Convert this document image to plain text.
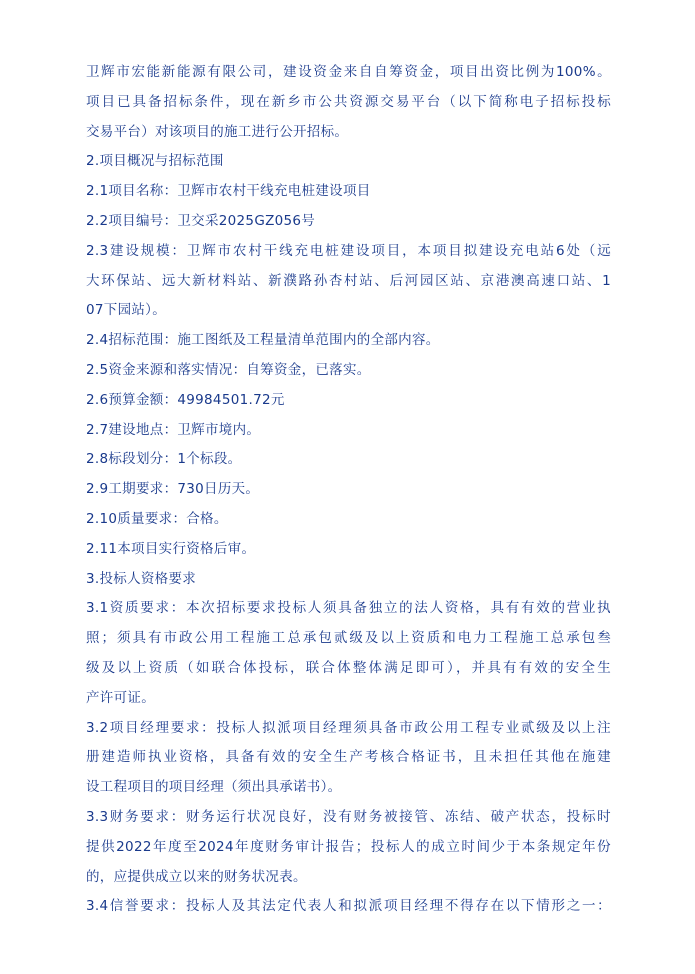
卫辉市宏能新能源有限公司，建设资金来自自筹资金，项目出资比例为100%。
项目已具备招标条件，现在新乡市公共资源交易平台（以下简称电子招标投标
交易平台）对该项目的施工进行公开招标。
2.项目概况与招标范围
2.1项目名称：卫辉市农村干线充电桩建设项目
2.2项目编号：卫交采2025GZ056号
2.3建设规模：卫辉市农村干线充电桩建设项目，本项目拟建设充电站6处（远
大环保站、远大新材料站、新濮路孙杏村站、后河园区站、京港澳高速口站、1
07下园站）。
2.4招标范围：施工图纸及工程量清单范围内的全部内容。
2.5资金来源和落实情况：自筹资金，已落实。
2.6预算金额：49984501.72元
2.7建设地点：卫辉市境内。
2.8标段划分：1个标段。
2.9工期要求：730日历天。
2.10质量要求：合格。
2.11本项目实行资格后审。
3.投标人资格要求
3.1资质要求：本次招标要求投标人须具备独立的法人资格，具有有效的营业执
照；须具有市政公用工程施工总承包贰级及以上资质和电力工程施工总承包叁
级及以上资质（如联合体投标，联合体整体满足即可），并具有有效的安全生
产许可证。
3.2项目经理要求：投标人拟派项目经理须具备市政公用工程专业贰级及以上注
册建造师执业资格，具备有效的安全生产考核合格证书，且未担任其他在施建
设工程项目的项目经理（须出具承诺书）。
3.3财务要求：财务运行状况良好，没有财务被接管、冻结、破产状态，投标时
提供2022年度至2024年度财务审计报告；投标人的成立时间少于本条规定年份
的，应提供成立以来的财务状况表。
3.4信誉要求：投标人及其法定代表人和拟派项目经理不得存在以下情形之一：
